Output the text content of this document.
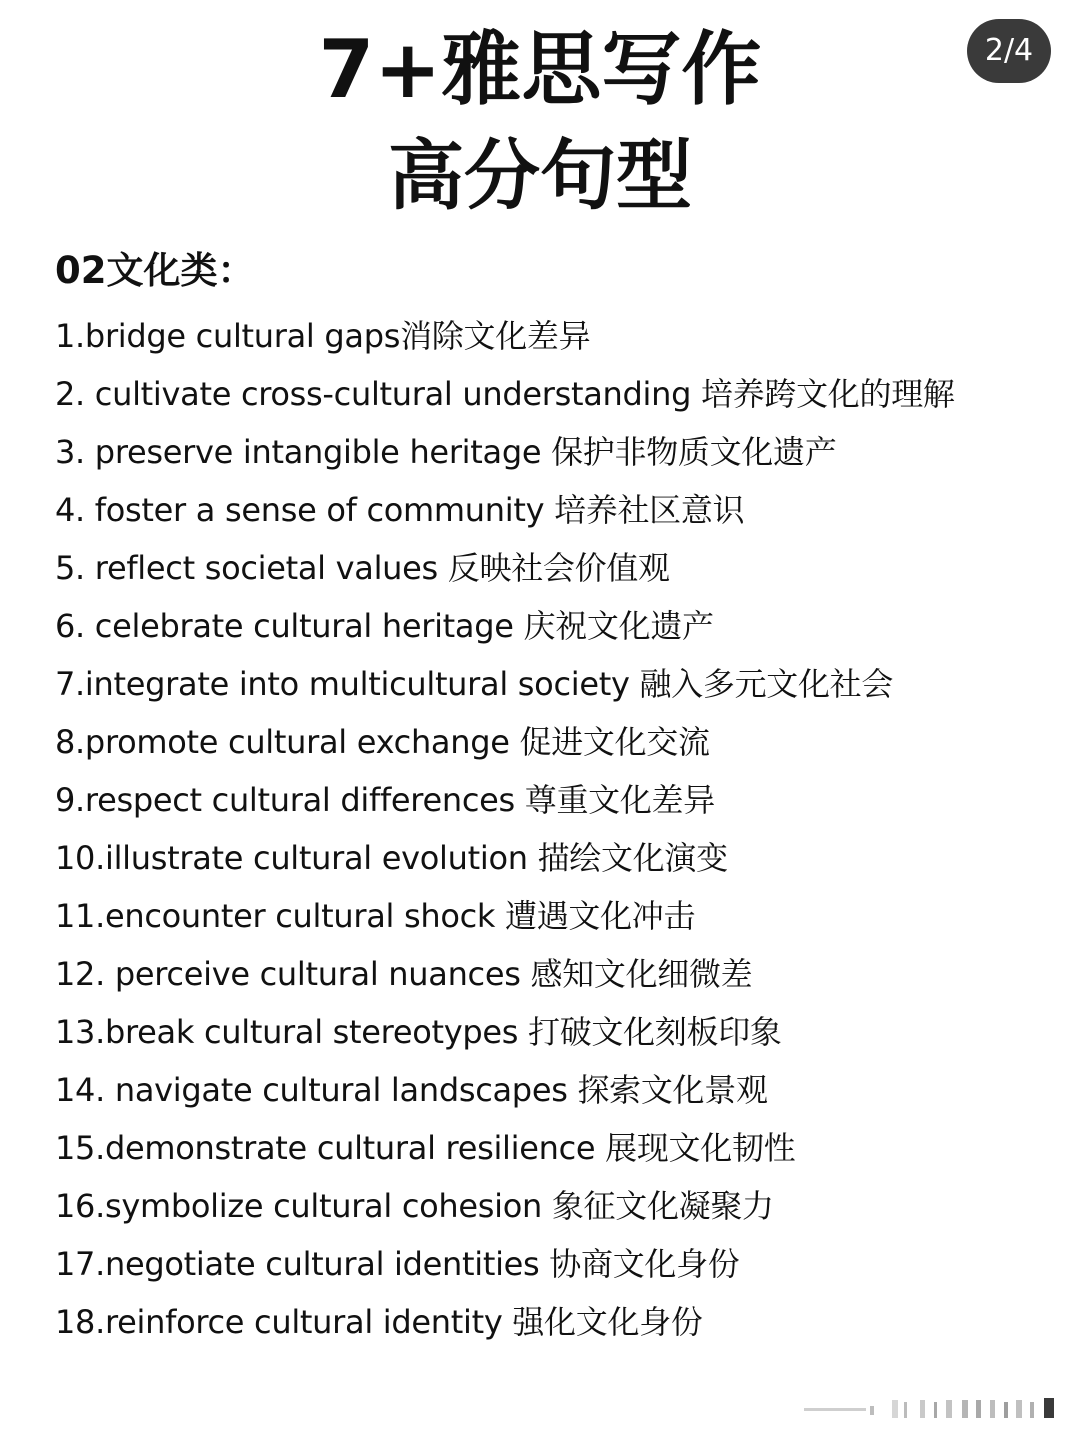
2/4
7+雅思写作
高分句型
02文化类：
1.bridge cultural gaps消除文化差异
2. cultivate cross-cultural understanding 培养跨文化的理解
3. preserve intangible heritage 保护非物质文化遗产
4. foster a sense of community 培养社区意识
5. reflect societal values 反映社会价值观
6. celebrate cultural heritage 庆祝文化遗产
7.integrate into multicultural society 融入多元文化社会
8.promote cultural exchange 促进文化交流
9.respect cultural differences 尊重文化差异
10.illustrate cultural evolution 描绘文化演变
11.encounter cultural shock 遭遇文化冲击
12. perceive cultural nuances 感知文化细微差
13.break cultural stereotypes 打破文化刻板印象
14. navigate cultural landscapes 探索文化景观
15.demonstrate cultural resilience 展现文化韧性
16.symbolize cultural cohesion 象征文化凝聚力
17.negotiate cultural identities 协商文化身份
18.reinforce cultural identity 强化文化身份
